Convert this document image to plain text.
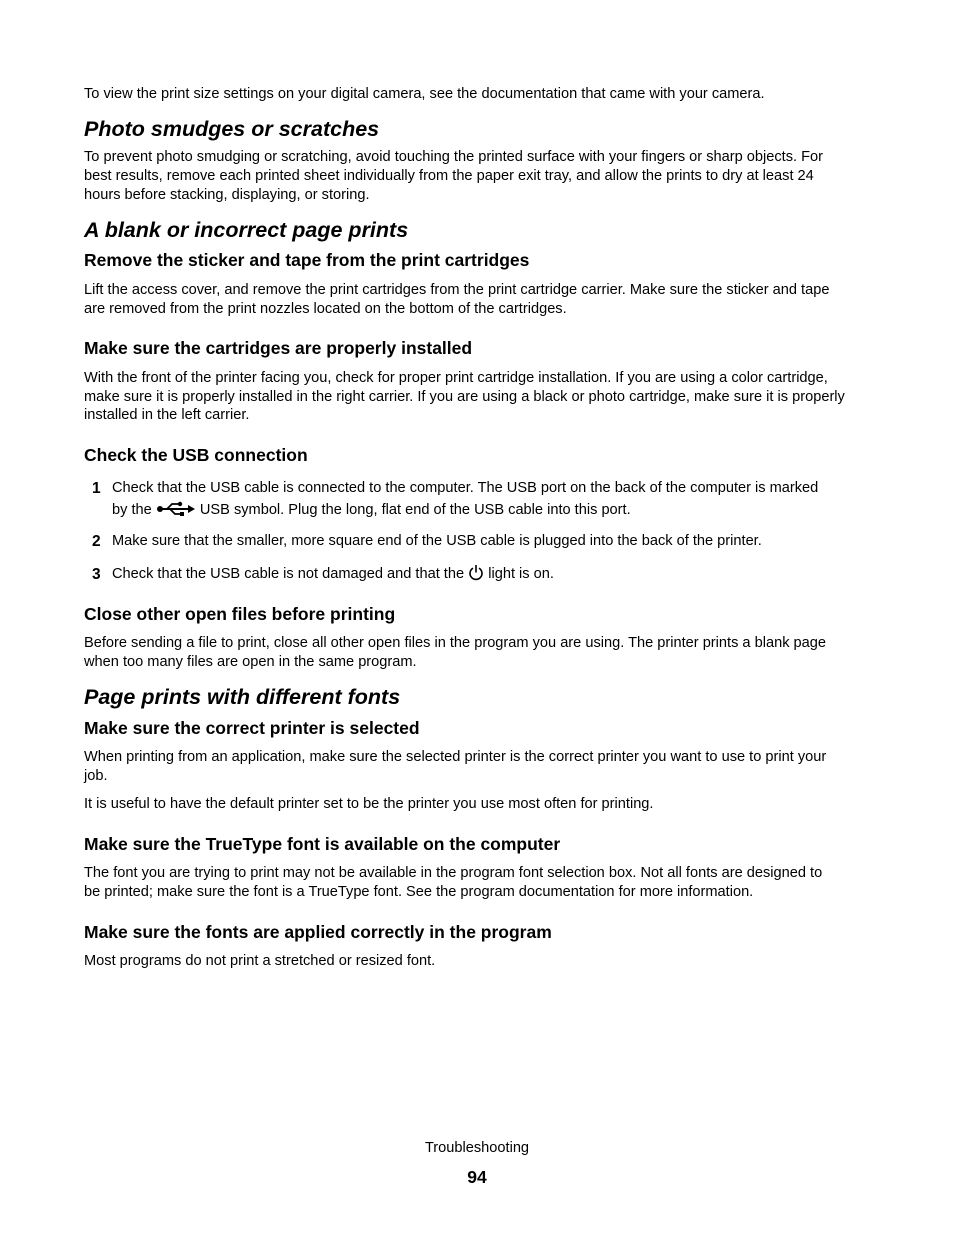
To view the print size settings on your digital camera, see the documentation that came with your camera.

Photo smudges or scratches

To prevent photo smudging or scratching, avoid touching the printed surface with your fingers or sharp objects. For

best results, remove each printed sheet individually from the paper exit tray, and allow the prints to dry at least 24

hours before stacking, displaying, or storing.

A blank or incorrect page prints
Remove the sticker and tape from the print cartridges

Lift the access cover, and remove the print cartridges from the print cartridge carrier. Make sure the sticker and tape

are removed from the print nozzles located on the bottom of the cartridges.

Make sure the cartridges are properly installed

With the front of the printer facing you, check for proper print cartridge installation. If you are using a color cartridge,

make sure it is properly installed in the right carrier. If you are using a black or photo cartridge, make sure it is properly

installed in the left carrier.

Check the USB connection
1 Check that the USB cable is connected to the computer. The USB port on the back of the computer is marked
by the	USB symbol. Plug the long, flat end of the USB cable into this port.
2 Make sure that the smaller, more square end of the USB cable is plugged into the back of the printer.
3 Check that the USB cable is not damaged and that the light is on.
Close other open files before printing

Before sending a file to print, close all other open files in the program you are using. The printer prints a blank page

when too many files are open in the same program.

Page prints with different fonts
Make sure the correct printer is selected

When printing from an application, make sure the selected printer is the correct printer you want to use to print your

job.

It is useful to have the default printer set to be the printer you use most often for printing.

Make sure the TrueType font is available on the computer

The font you are trying to print may not be available in the program font selection box. Not all fonts are designed to

be printed; make sure the font is a TrueType font. See the program documentation for more information.

Make sure the fonts are applied correctly in the program

Most programs do not print a stretched or resized font.

Troubleshooting
94
